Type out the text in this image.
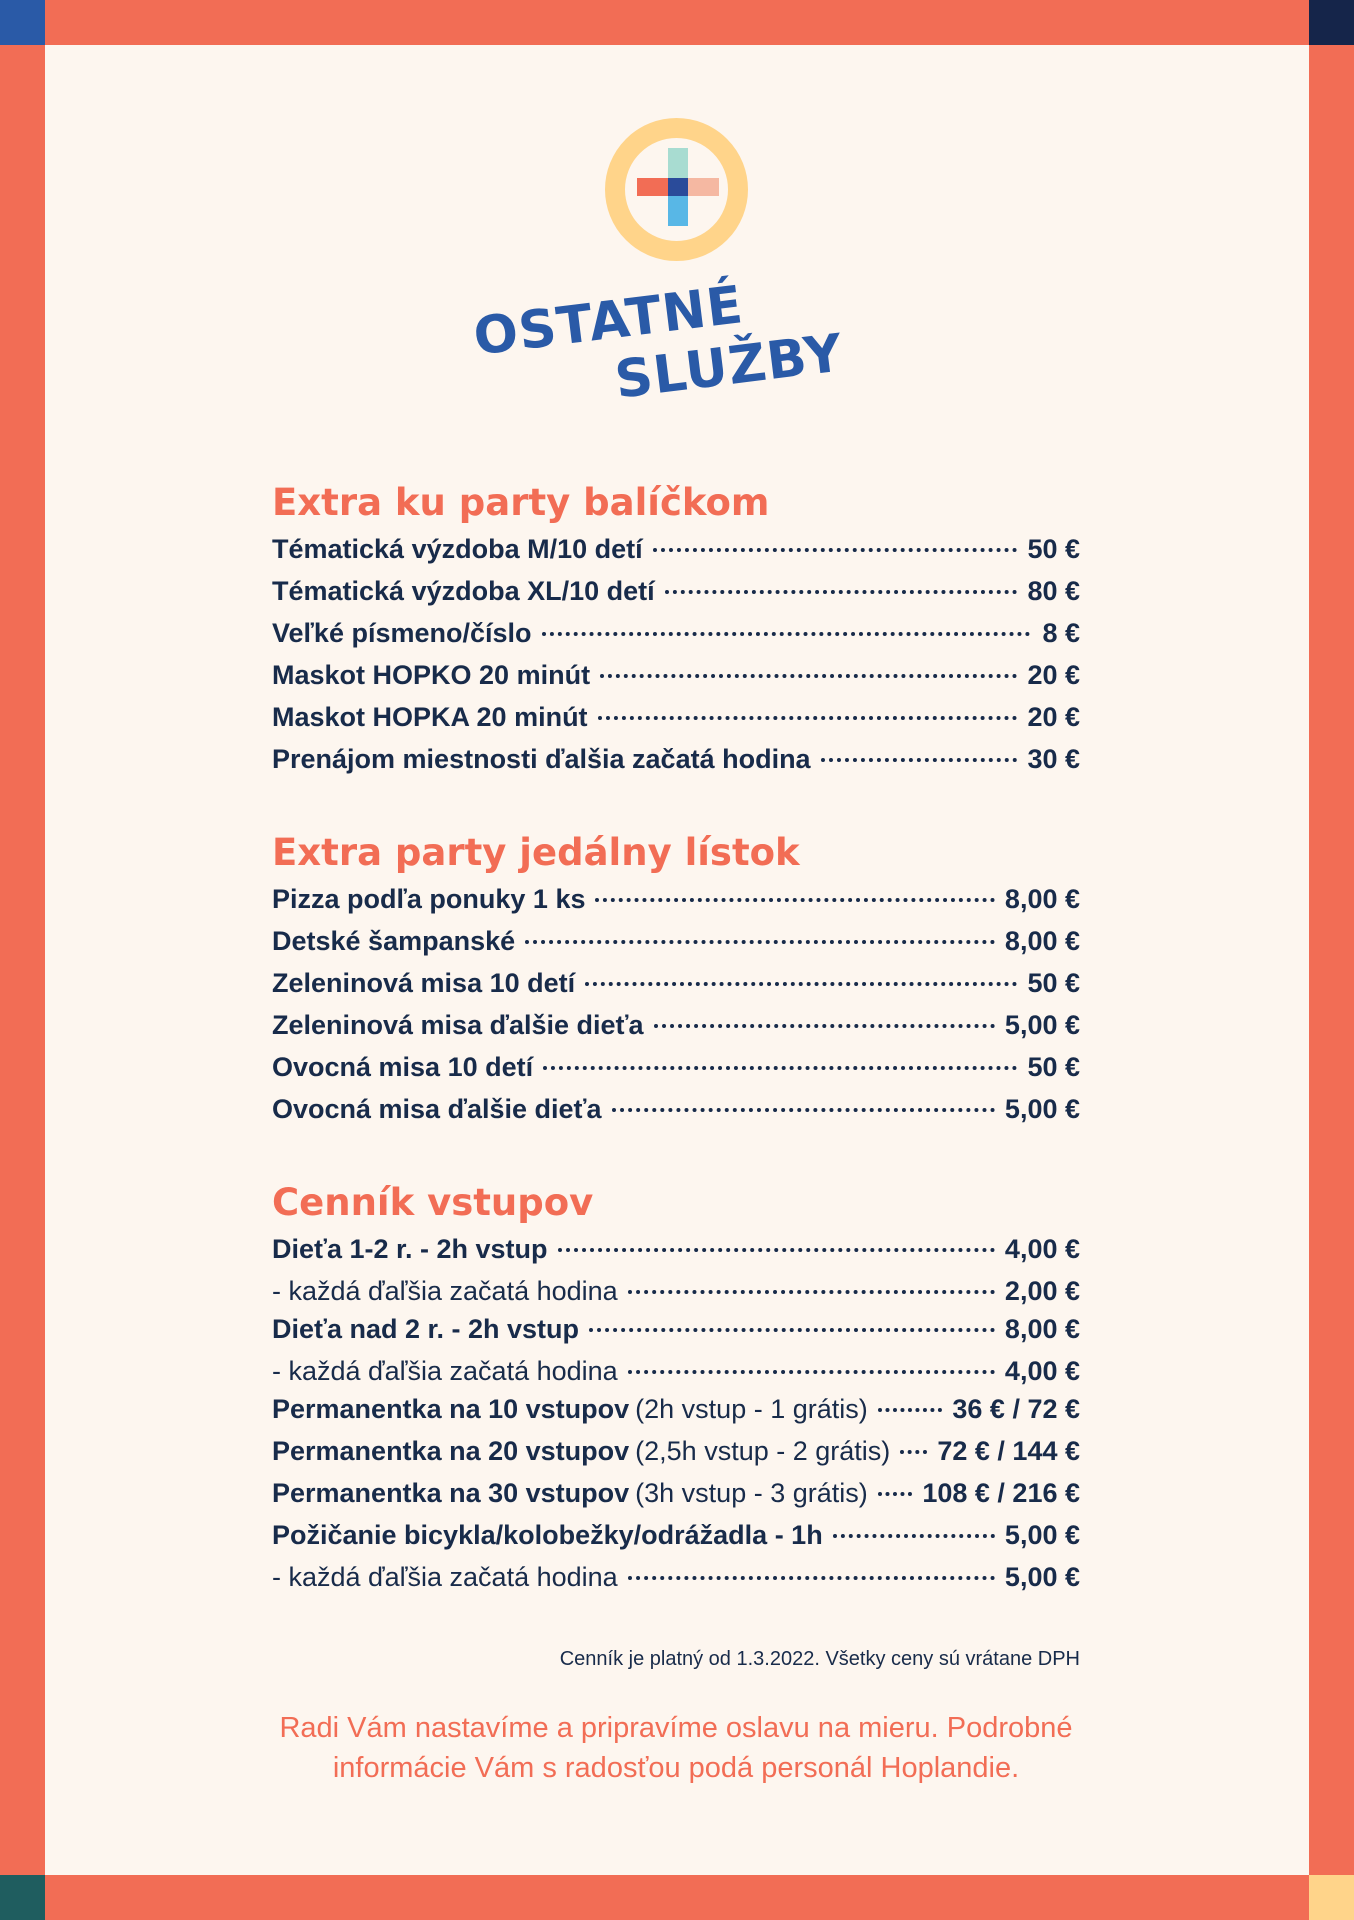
OSTATNÉ
SLUŽBY
Extra ku party balíčkom
Tématická výzdoba M/10 detí	50 €
Tématická výzdoba XL/10 detí	80 €
Veľké písmeno/číslo	8 €
Maskot HOPKO 20 minút	20 €
Maskot HOPKA 20 minút	20 €
Prenájom miestnosti ďalšia začatá hodina	30 €
Extra party jedálny lístok
Pizza podľa ponuky 1 ks	8,00 €
Detské šampanské	8,00 €
Zeleninová misa 10 detí	50 €
Zeleninová misa ďalšie dieťa	5,00 €
Ovocná misa 10 detí	50 €
Ovocná misa ďalšie dieťa	5,00 €
Cenník vstupov
Dieťa 1-2 r. - 2h vstup	4,00 €
- každá ďaľšia začatá hodina	2,00 €
Dieťa nad 2 r. - 2h vstup	8,00 €
- každá ďaľšia začatá hodina	4,00 €
Permanentka na 10 vstupov (2h vstup - 1 grátis)	36 € / 72 €
Permanentka na 20 vstupov (2,5h vstup - 2 grátis) 72 € / 144 €
Permanentka na 30 vstupov (3h vstup - 3 grátis) 108 € / 216 €
Požičanie bicykla/kolobežky/odrážadla - 1h	5,00 €
- každá ďaľšia začatá hodina	5,00 €
Cenník je platný od 1.3.2022. Všetky ceny sú vrátane DPH
Radi Vám nastavíme a pripravíme oslavu na mieru. Podrobné
informácie Vám s radosťou podá personál Hoplandie.
